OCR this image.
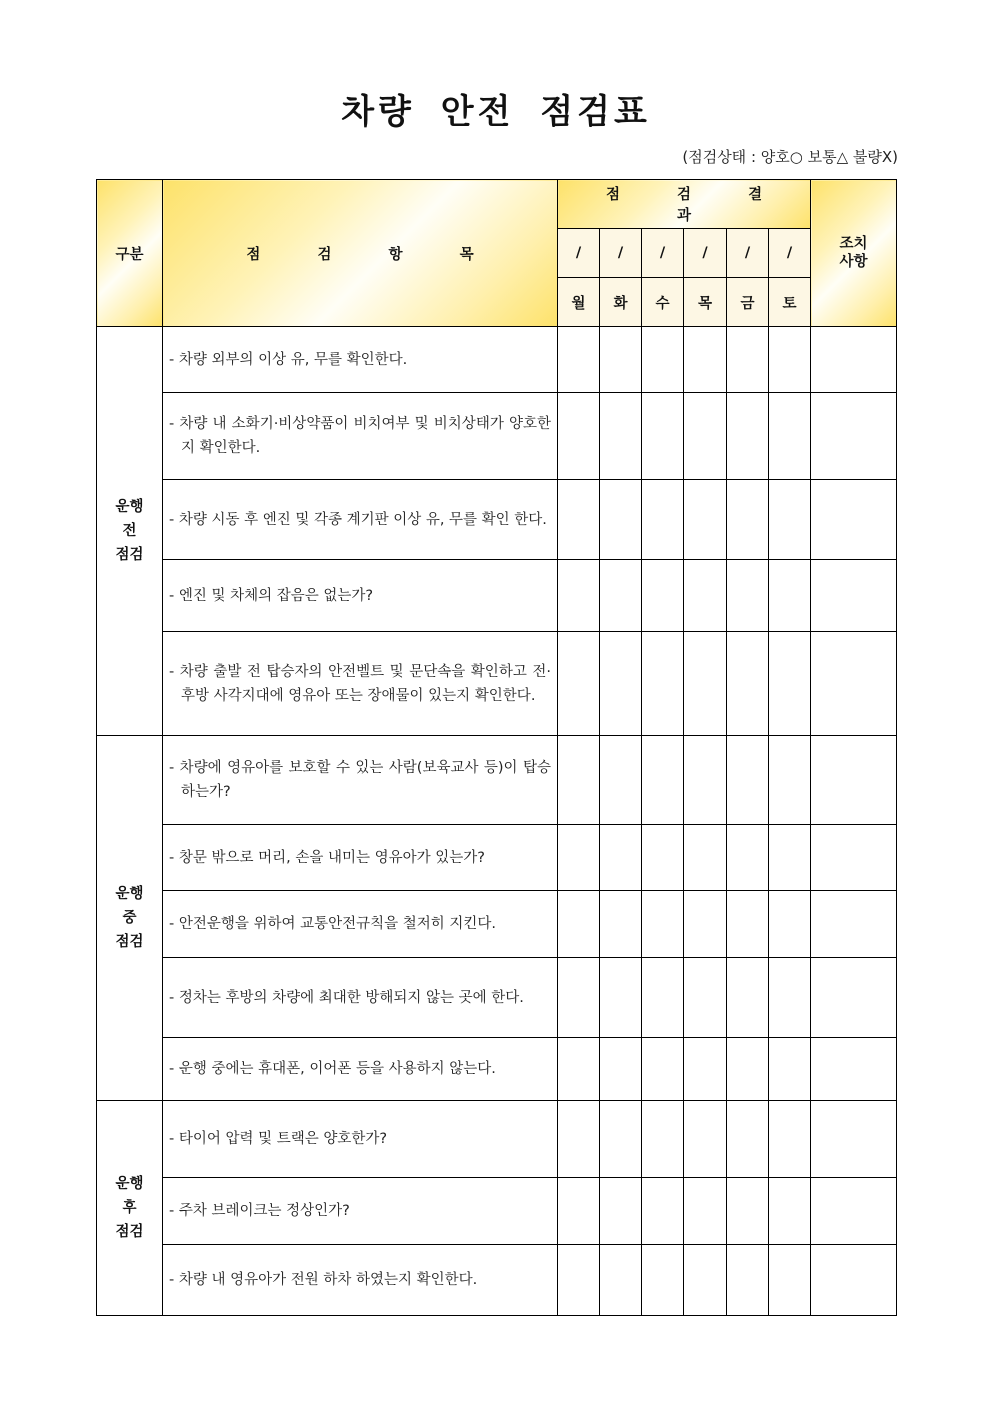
차량 안전 점검표
(점검상태 : 양호○ 보통△ 불량X)
구분	점 검 항 목	점 검 결 과						조치
사항

		/	/	/	/	/	/	
		월	화	수	목	금	토	

운행
전
점검	- 차량 외부의 이상 유, 무를 확인한다.							

	- 차량 내 소화기·비상약품이 비치여부 및 비치상태가 양호한지 확인한다.							

	- 차량 시동 후 엔진 및 각종 계기판 이상 유, 무를 확인 한다.							

	- 엔진 및 차체의 잡음은 없는가?							

	- 차량 출발 전 탑승자의 안전벨트 및 문단속을 확인하고 전·후방 사각지대에 영유아 또는 장애물이 있는지 확인한다.							

운행
중
점검	- 차량에 영유아를 보호할 수 있는 사람(보육교사 등)이 탑승하는가?							

	- 창문 밖으로 머리, 손을 내미는 영유아가 있는가?							

	- 안전운행을 위하여 교통안전규칙을 철저히 지킨다.							

	- 정차는 후방의 차량에 최대한 방해되지 않는 곳에 한다.							

	- 운행 중에는 휴대폰, 이어폰 등을 사용하지 않는다.							

운행
후
점검	- 타이어 압력 및 트랙은 양호한가?							

	- 주차 브레이크는 정상인가?							

	- 차량 내 영유아가 전원 하차 하였는지 확인한다.							
